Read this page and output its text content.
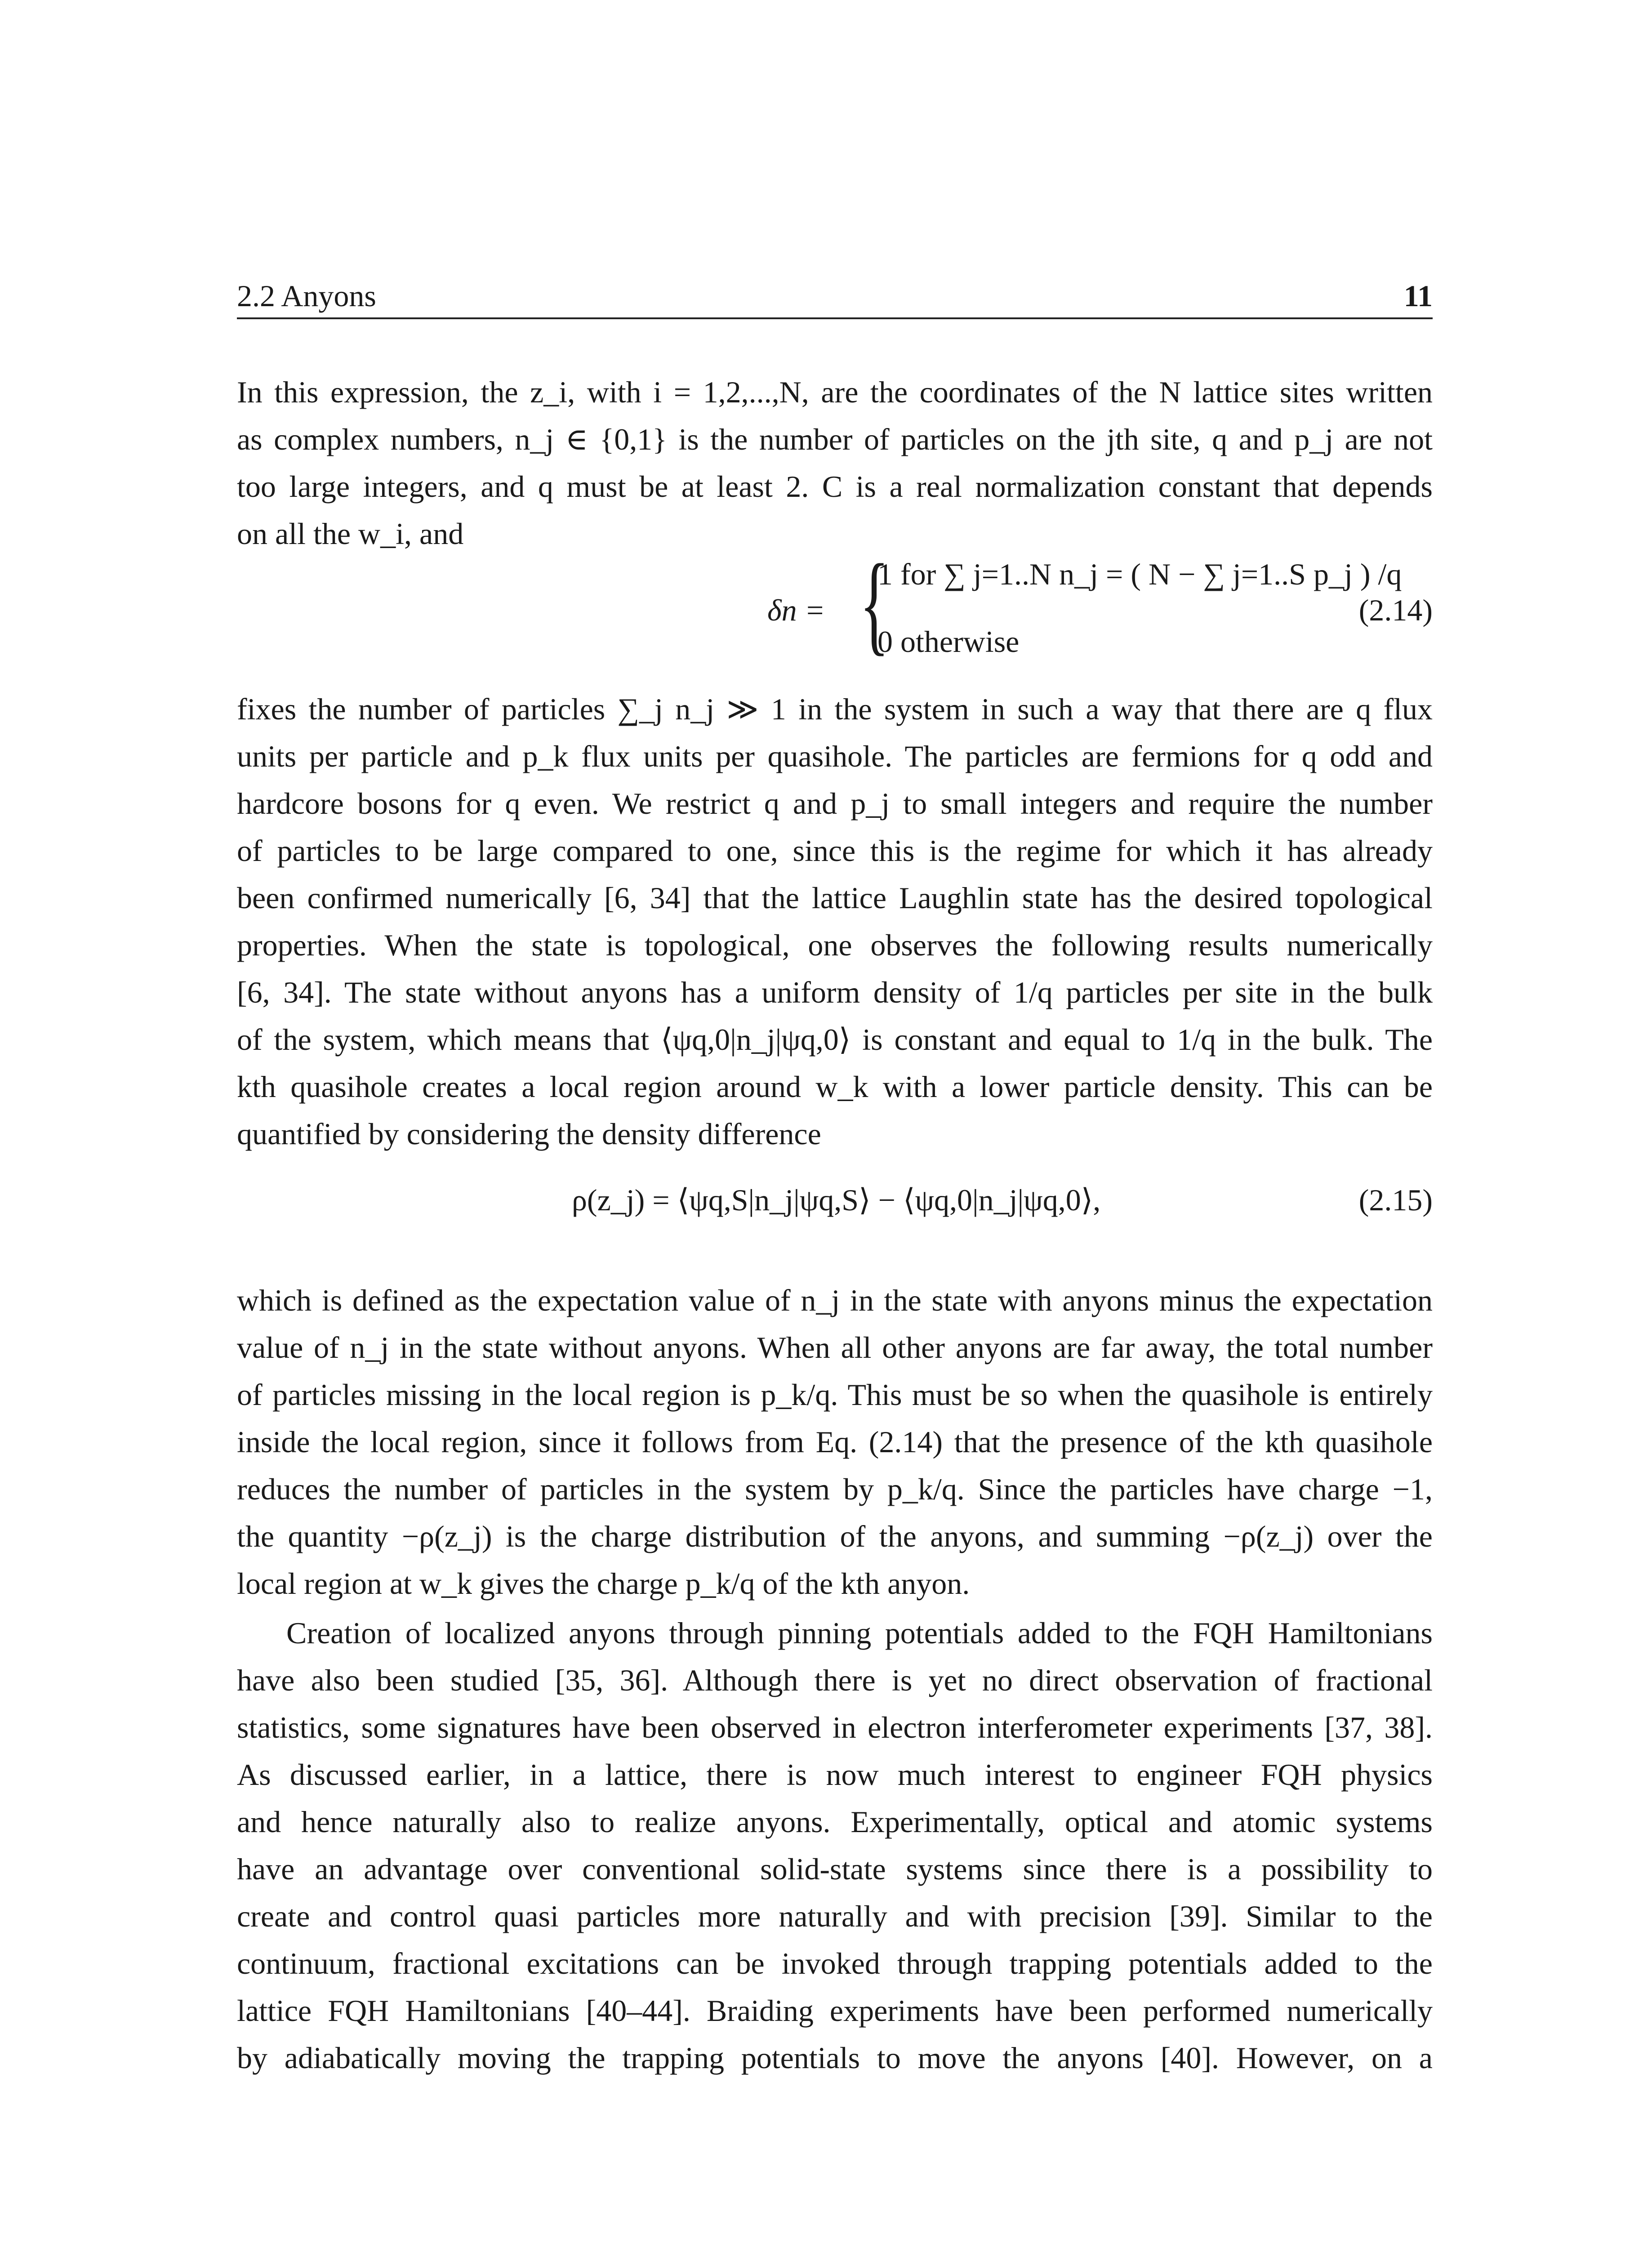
2.2 Anyons	11
In this expression, the z_i, with i = 1,2,...,N, are the coordinates of the N lattice sites written
as complex numbers, n_j ∈ {0,1} is the number of particles on the jth site, q and p_j are not
too large integers, and q must be at least 2. C is a real normalization constant that depends
on all the w_i, and
δn = {
1 for ∑ j=1..N n_j = ( N − ∑ j=1..S p_j ) /q
0 otherwise
(2.14)
fixes the number of particles ∑_j n_j ≫ 1 in the system in such a way that there are q flux
units per particle and p_k flux units per quasihole. The particles are fermions for q odd and
hardcore bosons for q even. We restrict q and p_j to small integers and require the number
of particles to be large compared to one, since this is the regime for which it has already
been confirmed numerically [6, 34] that the lattice Laughlin state has the desired topological
properties. When the state is topological, one observes the following results numerically
[6, 34]. The state without anyons has a uniform density of 1/q particles per site in the bulk
of the system, which means that ⟨ψq,0|n_j|ψq,0⟩ is constant and equal to 1/q in the bulk. The
kth quasihole creates a local region around w_k with a lower particle density. This can be
quantified by considering the density difference
ρ(z_j) = ⟨ψq,S|n_j|ψq,S⟩ − ⟨ψq,0|n_j|ψq,0⟩,	(2.15)
which is defined as the expectation value of n_j in the state with anyons minus the expectation
value of n_j in the state without anyons. When all other anyons are far away, the total number
of particles missing in the local region is p_k/q. This must be so when the quasihole is entirely
inside the local region, since it follows from Eq. (2.14) that the presence of the kth quasihole
reduces the number of particles in the system by p_k/q. Since the particles have charge −1,
the quantity −ρ(z_j) is the charge distribution of the anyons, and summing −ρ(z_j) over the
local region at w_k gives the charge p_k/q of the kth anyon.
Creation of localized anyons through pinning potentials added to the FQH Hamiltonians
have also been studied [35, 36]. Although there is yet no direct observation of fractional
statistics, some signatures have been observed in electron interferometer experiments [37, 38].
As discussed earlier, in a lattice, there is now much interest to engineer FQH physics
and hence naturally also to realize anyons. Experimentally, optical and atomic systems
have an advantage over conventional solid-state systems since there is a possibility to
create and control quasi particles more naturally and with precision [39]. Similar to the
continuum, fractional excitations can be invoked through trapping potentials added to the
lattice FQH Hamiltonians [40–44]. Braiding experiments have been performed numerically
by adiabatically moving the trapping potentials to move the anyons [40]. However, on a
